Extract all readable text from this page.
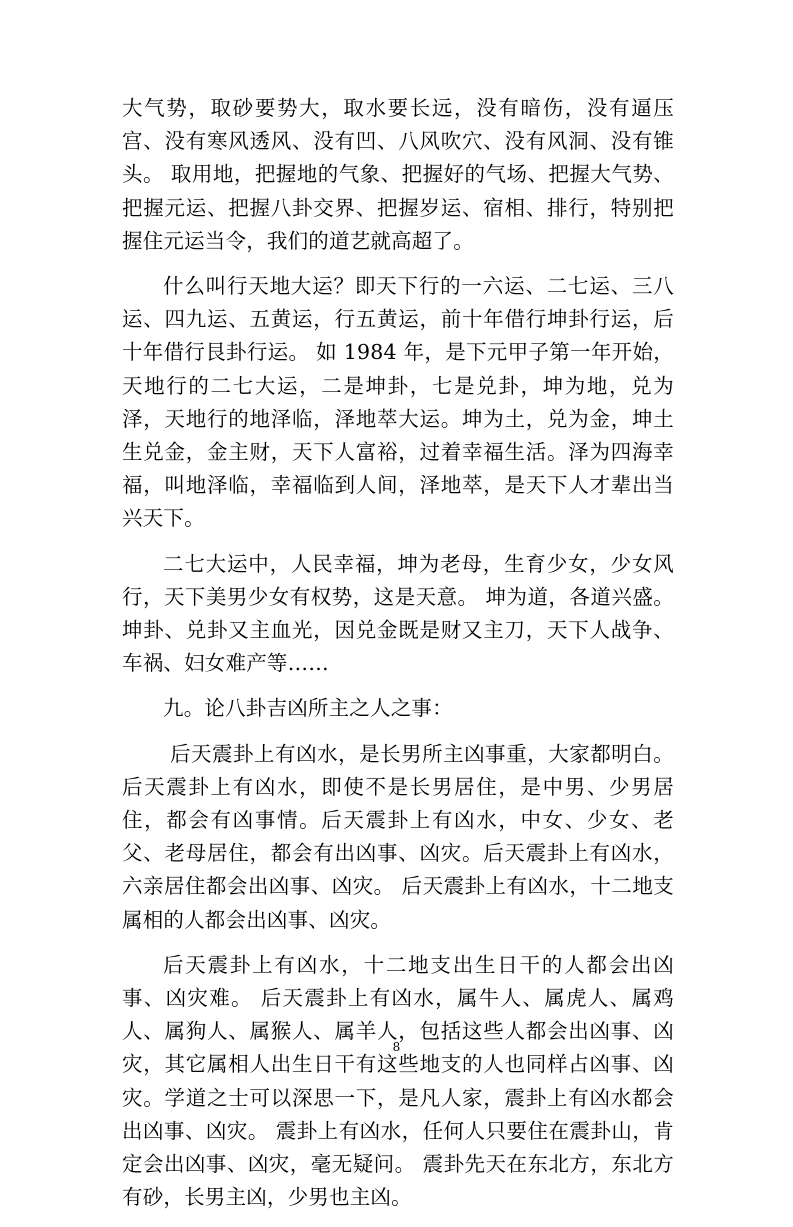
大气势，取砂要势大，取水要长远，没有暗伤，没有逼压宫、没有寒风透风、没有凹、八风吹穴、没有风洞、没有锥头。 取用地，把握地的气象、把握好的气场、把握大气势、把握元运、把握八卦交界、把握岁运、宿相、排行，特别把握住元运当令，我们的道艺就高超了。

什么叫行天地大运？即天下行的一六运、二七运、三八运、四九运、五黄运，行五黄运，前十年借行坤卦行运，后十年借行艮卦行运。 如 1984 年，是下元甲子第一年开始，天地行的二七大运，二是坤卦，七是兑卦，坤为地，兑为泽，天地行的地泽临，泽地萃大运。坤为土，兑为金，坤土生兑金，金主财，天下人富裕，过着幸福生活。泽为四海幸福，叫地泽临，幸福临到人间，泽地萃，是天下人才辈出当兴天下。

二七大运中，人民幸福，坤为老母，生育少女，少女风行，天下美男少女有权势，这是天意。 坤为道，各道兴盛。坤卦、兑卦又主血光，因兑金既是财又主刀，天下人战争、车祸、妇女难产等……

九。论八卦吉凶所主之人之事：

后天震卦上有凶水，是长男所主凶事重，大家都明白。 后天震卦上有凶水，即使不是长男居住，是中男、少男居住，都会有凶事情。后天震卦上有凶水，中女、少女、老父、老母居住，都会有出凶事、凶灾。后天震卦上有凶水，六亲居住都会出凶事、凶灾。 后天震卦上有凶水，十二地支属相的人都会出凶事、凶灾。

后天震卦上有凶水，十二地支出生日干的人都会出凶事、凶灾难。 后天震卦上有凶水，属牛人、属虎人、属鸡人、属狗人、属猴人、属羊人，包括这些人都会出凶事、凶灾，其它属相人出生日干有这些地支的人也同样占凶事、凶灾。学道之士可以深思一下，是凡人家，震卦上有凶水都会出凶事、凶灾。 震卦上有凶水，任何人只要住在震卦山，肯定会出凶事、凶灾，毫无疑问。 震卦先天在东北方，东北方有砂，长男主凶，少男也主凶。

8
